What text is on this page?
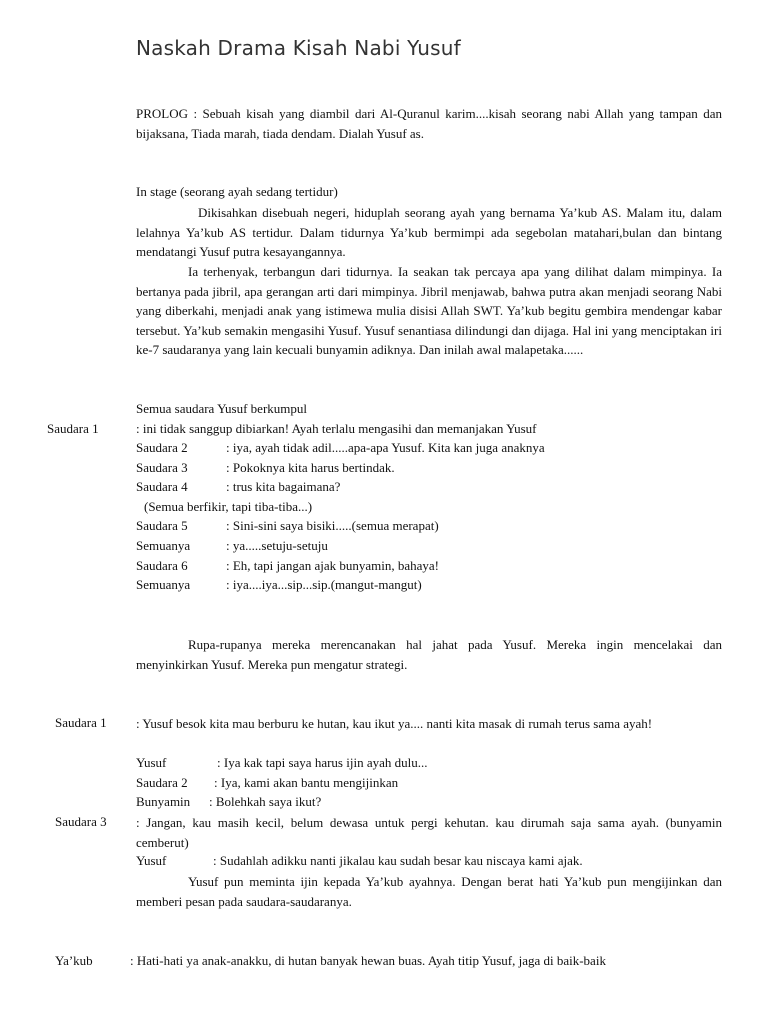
Naskah Drama Kisah Nabi Yusuf
PROLOG : Sebuah kisah yang diambil dari Al-Quranul karim....kisah seorang nabi Allah yang tampan dan bijaksana, Tiada marah, tiada dendam. Dialah Yusuf as.
In stage (seorang ayah sedang tertidur)
Dikisahkan disebuah negeri, hiduplah seorang ayah yang bernama Ya’kub AS. Malam itu, dalam lelahnya Ya’kub AS tertidur. Dalam tidurnya Ya’kub bermimpi ada segebolan matahari,bulan dan bintang mendatangi Yusuf putra kesayangannya.
Ia terhenyak, terbangun dari tidurnya. Ia seakan tak percaya apa yang dilihat dalam mimpinya. Ia bertanya pada jibril, apa gerangan arti dari mimpinya. Jibril menjawab, bahwa putra akan menjadi seorang Nabi yang diberkahi, menjadi anak yang istimewa mulia disisi Allah SWT. Ya’kub begitu gembira mendengar kabar tersebut. Ya’kub semakin mengasihi Yusuf. Yusuf senantiasa dilindungi dan dijaga. Hal ini yang menciptakan iri ke-7 saudaranya yang lain kecuali bunyamin adiknya. Dan inilah awal malapetaka......
Semua saudara Yusuf berkumpul
Saudara 1	: ini tidak sanggup dibiarkan! Ayah terlalu mengasihi dan memanjakan Yusuf
Saudara 2	: iya, ayah tidak adil.....apa-apa Yusuf. Kita kan juga anaknya
Saudara 3	: Pokoknya kita harus bertindak.
Saudara 4	: trus kita bagaimana?
(Semua berfikir, tapi tiba-tiba...)
Saudara 5	: Sini-sini saya bisiki.....(semua merapat)
Semuanya	: ya.....setuju-setuju
Saudara 6	: Eh, tapi jangan ajak bunyamin, bahaya!
Semuanya	: iya....iya...sip...sip.(mangut-mangut)
Rupa-rupanya mereka merencanakan hal jahat pada Yusuf. Mereka ingin mencelakai dan menyinkirkan Yusuf. Mereka pun mengatur strategi.
Saudara 1 : Yusuf besok kita mau berburu ke hutan, kau ikut ya.... nanti kita masak di rumah terus sama ayah!
Yusuf	: Iya kak tapi saya harus ijin ayah dulu...
Saudara 2 : Iya, kami akan bantu mengijinkan
Bunyamin : Bolehkah saya ikut?
Saudara 3 : Jangan, kau masih kecil, belum dewasa untuk pergi kehutan. kau dirumah saja sama ayah. (bunyamin cemberut)
Yusuf	: Sudahlah adikku nanti jikalau kau sudah besar kau niscaya kami ajak.
Yusuf pun meminta ijin kepada Ya’kub ayahnya. Dengan berat hati Ya’kub pun mengijinkan dan memberi pesan pada saudara-saudaranya.
Ya’kub	: Hati-hati ya anak-anakku, di hutan banyak hewan buas. Ayah titip Yusuf, jaga di baik-baik
